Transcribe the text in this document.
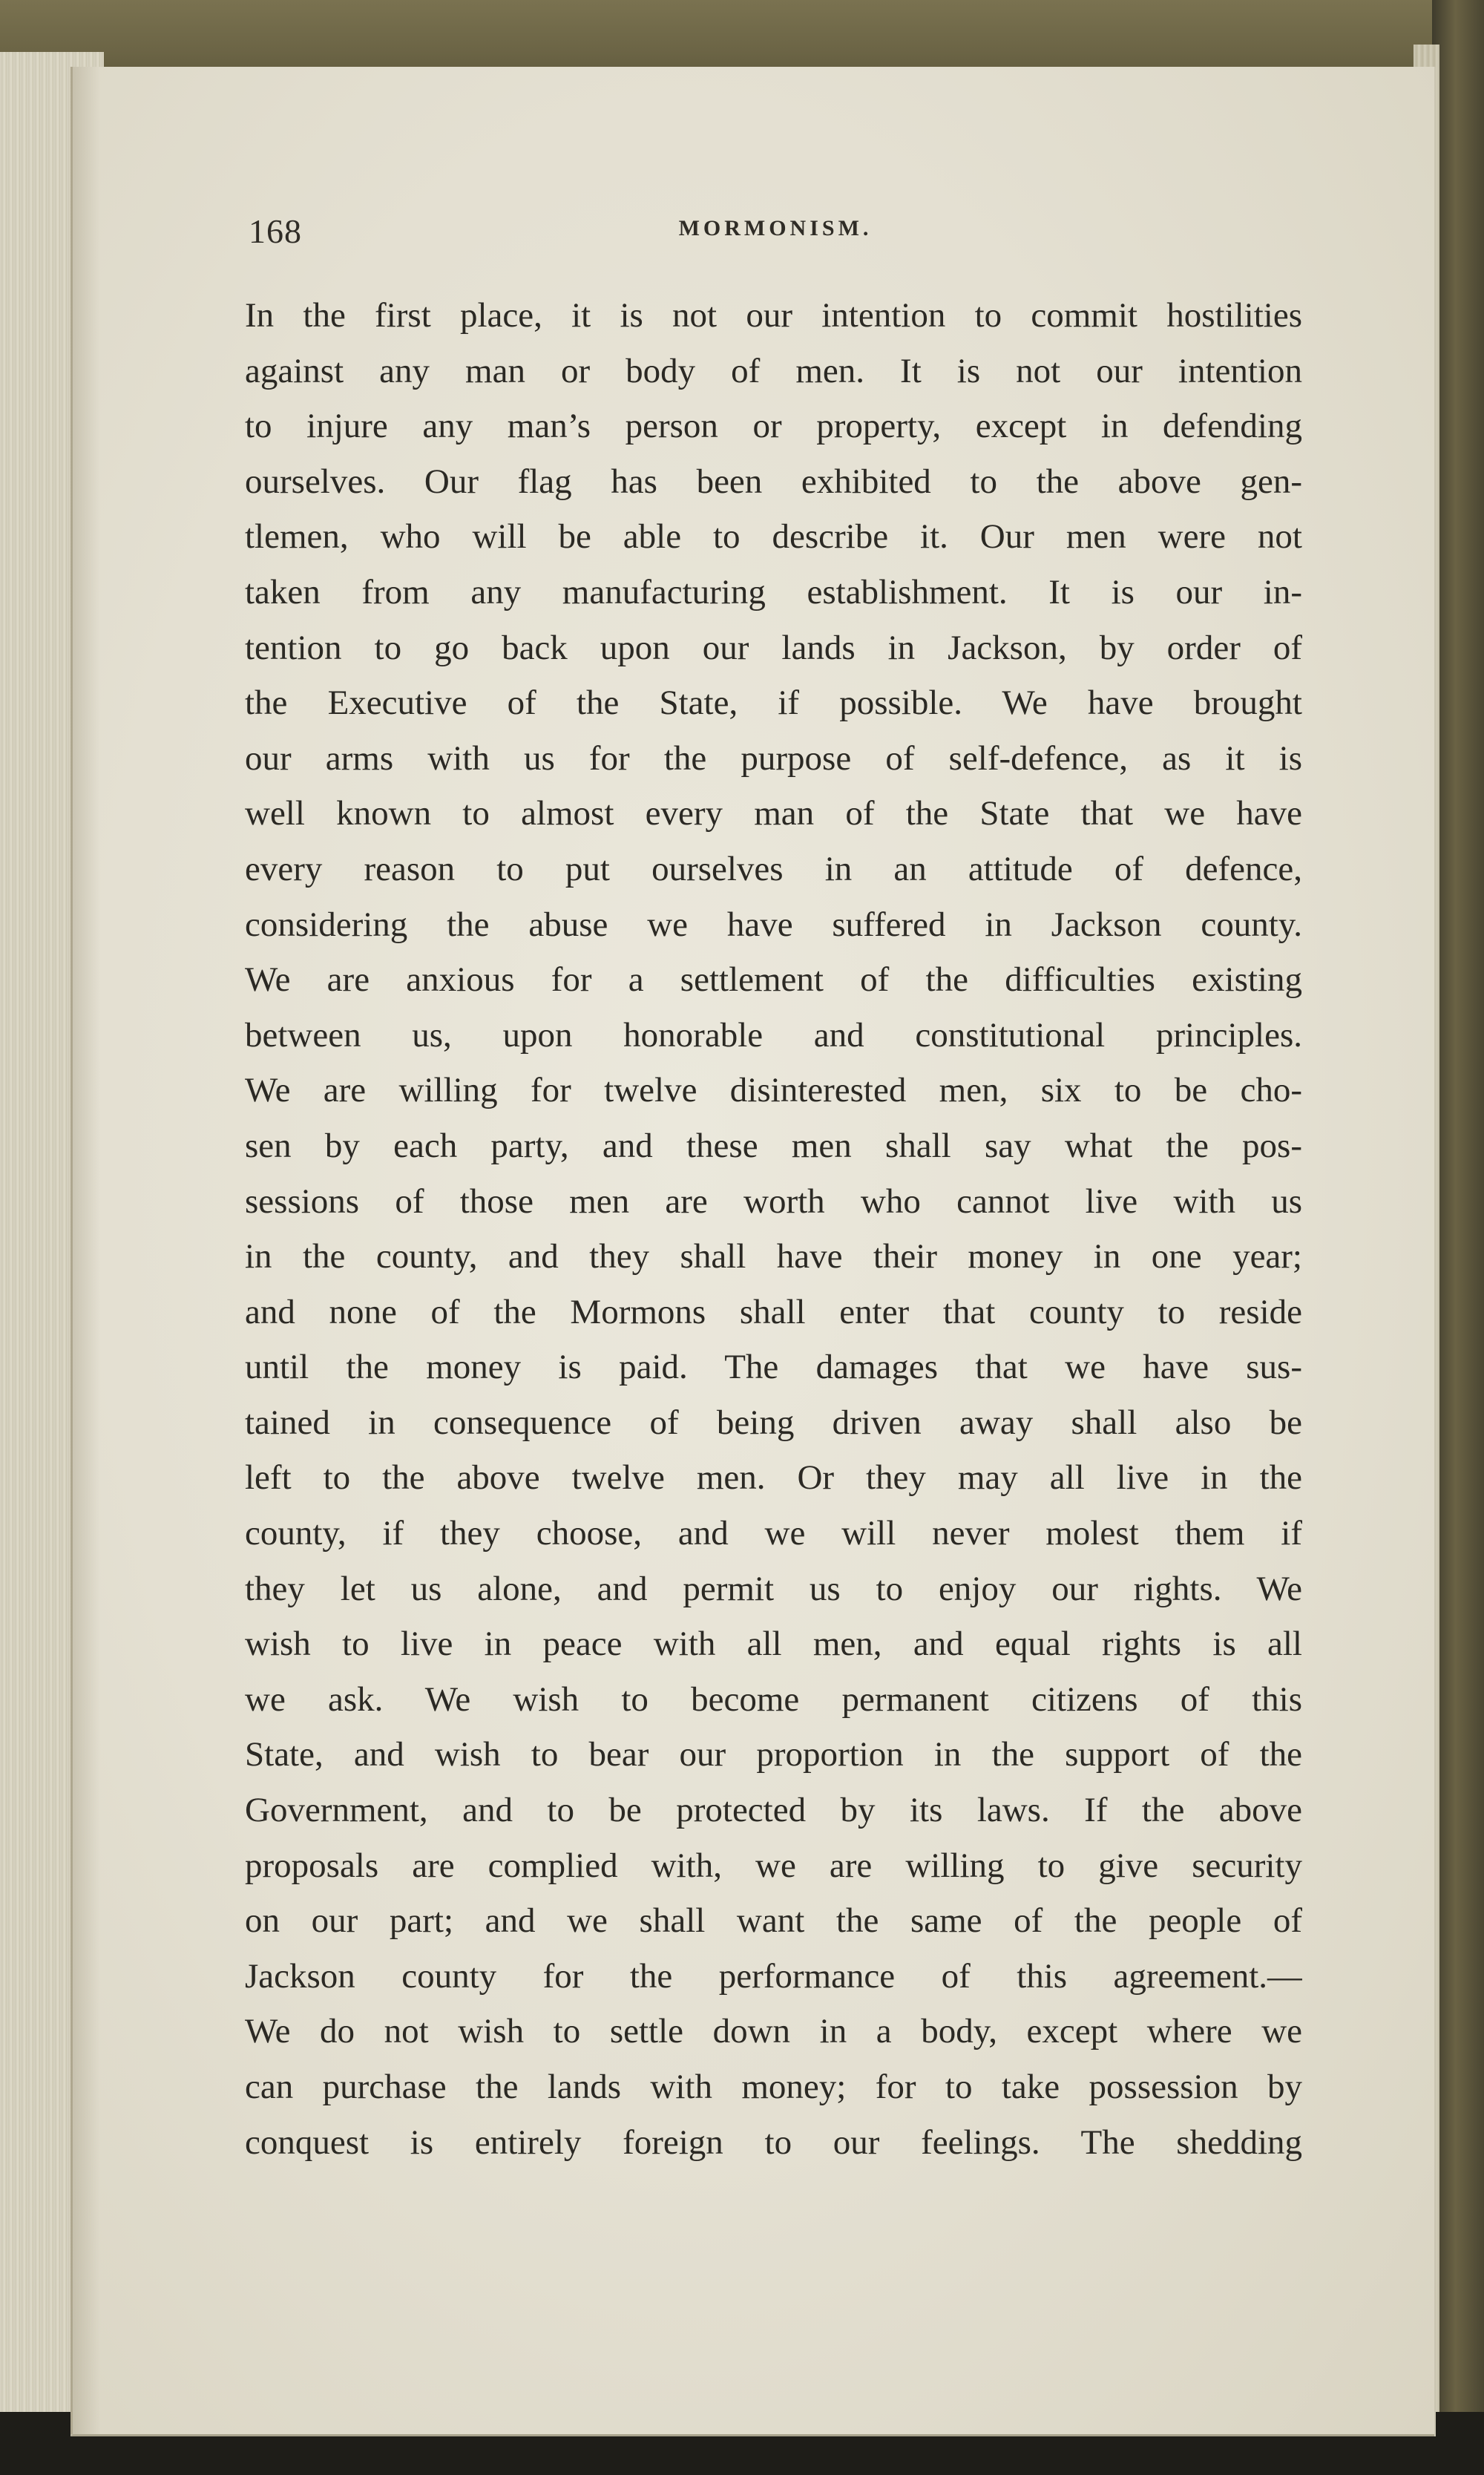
168	MORMONISM.
In the first place, it is not our intention to commit hostilities
against any man or body of men. It is not our intention
to injure any man’s person or property, except in defending
ourselves. Our flag has been exhibited to the above gen-
tlemen, who will be able to describe it. Our men were not
taken from any manufacturing establishment. It is our in-
tention to go back upon our lands in Jackson, by order of
the Executive of the State, if possible. We have brought
our arms with us for the purpose of self-defence, as it is
well known to almost every man of the State that we have
every reason to put ourselves in an attitude of defence,
considering the abuse we have suffered in Jackson county.
We are anxious for a settlement of the difficulties existing
between us, upon honorable and constitutional principles.
We are willing for twelve disinterested men, six to be cho-
sen by each party, and these men shall say what the pos-
sessions of those men are worth who cannot live with us
in the county, and they shall have their money in one year;
and none of the Mormons shall enter that county to reside
until the money is paid. The damages that we have sus-
tained in consequence of being driven away shall also be
left to the above twelve men. Or they may all live in the
county, if they choose, and we will never molest them if
they let us alone, and permit us to enjoy our rights. We
wish to live in peace with all men, and equal rights is all
we ask. We wish to become permanent citizens of this
State, and wish to bear our proportion in the support of the
Government, and to be protected by its laws. If the above
proposals are complied with, we are willing to give security
on our part; and we shall want the same of the people of
Jackson county for the performance of this agreement.—
We do not wish to settle down in a body, except where we
can purchase the lands with money; for to take possession by
conquest is entirely foreign to our feelings. The shedding
